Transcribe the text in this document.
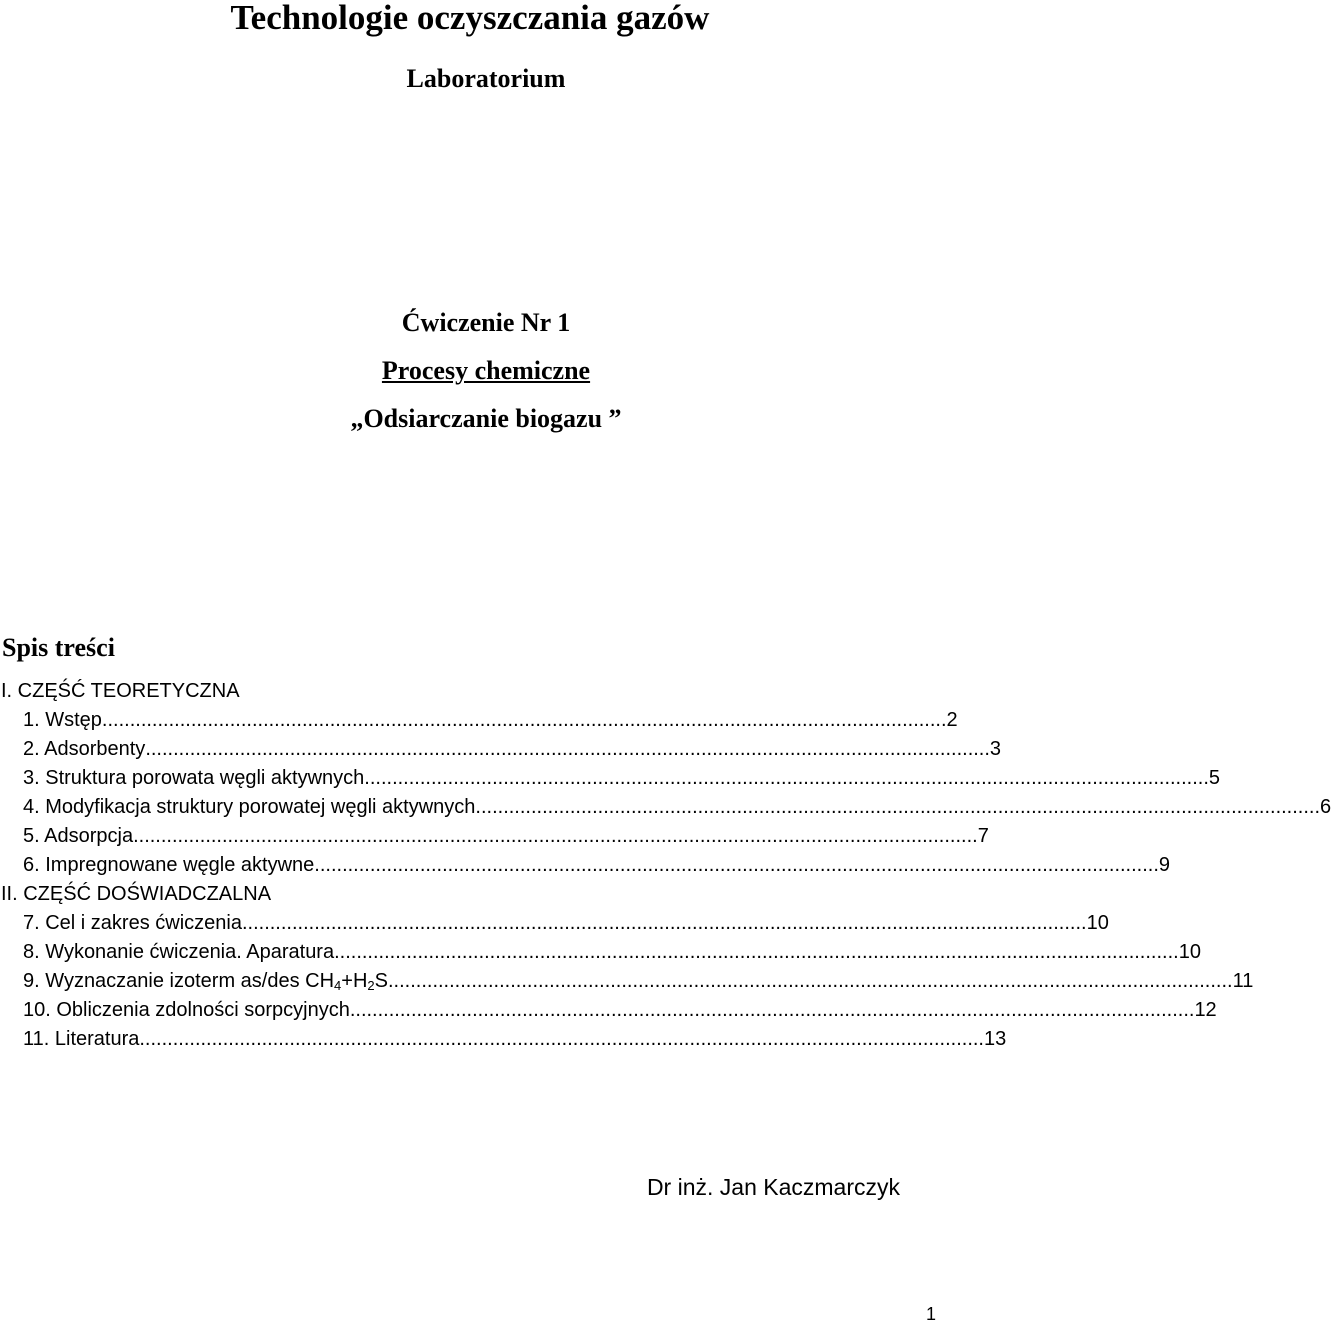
Technologie oczyszczania gazów
Laboratorium
Ćwiczenie Nr 1
Procesy chemiczne
„Odsiarczanie biogazu ”
Spis treści
I. CZĘŚĆ TEORETYCZNA
1. Wstęp ........................................................................................................................................................ 2
2. Adsorbenty ........................................................................................................................................................ 3
3. Struktura porowata węgli aktywnych ........................................................................................................................................................ 5
4. Modyfikacja struktury porowatej węgli aktywnych ........................................................................................................................................................ 6
5. Adsorpcja ........................................................................................................................................................ 7
6. Impregnowane węgle aktywne ........................................................................................................................................................ 9
II. CZĘŚĆ DOŚWIADCZALNA
7. Cel i zakres ćwiczenia ........................................................................................................................................................ 10
8. Wykonanie ćwiczenia. Aparatura ........................................................................................................................................................ 10
9. Wyznaczanie izoterm as/des $CH_4+H_2S$ ........................................................................................................................................................ 11
10. Obliczenia zdolności sorpcyjnych ........................................................................................................................................................ 12
11. Literatura ........................................................................................................................................................ 13
Dr inż. Jan Kaczmarczyk
1
